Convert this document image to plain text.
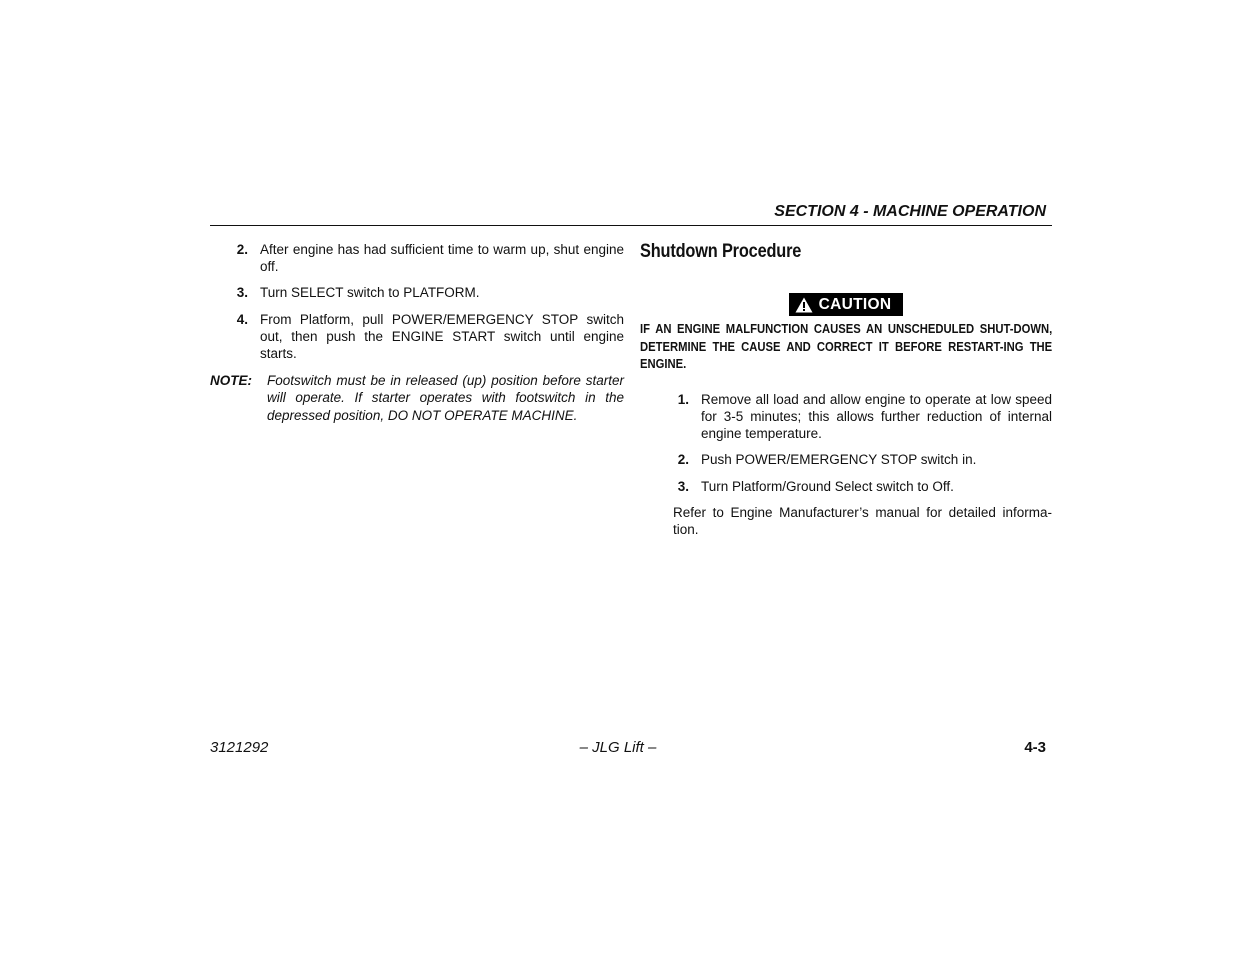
SECTION 4 - MACHINE OPERATION
2. After engine has had sufficient time to warm up, shut engine off.
3. Turn SELECT switch to PLATFORM.
4. From Platform, pull POWER/EMERGENCY STOP switch out, then push the ENGINE START switch until engine starts.
NOTE:	Footswitch must be in released (up) position before starter will operate. If starter operates with footswitch in the depressed position, DO NOT OPERATE MACHINE.
Shutdown Procedure
CAUTION
IF AN ENGINE MALFUNCTION CAUSES AN UNSCHEDULED SHUT-DOWN, DETERMINE THE CAUSE AND CORRECT IT BEFORE RESTART-ING THE ENGINE.
1. Remove all load and allow engine to operate at low speed for 3-5 minutes; this allows further reduction of internal engine temperature.
2. Push POWER/EMERGENCY STOP switch in.
3. Turn Platform/Ground Select switch to Off.
Refer to Engine Manufacturer’s manual for detailed informa-tion.
3121292	– JLG Lift –	4-3
